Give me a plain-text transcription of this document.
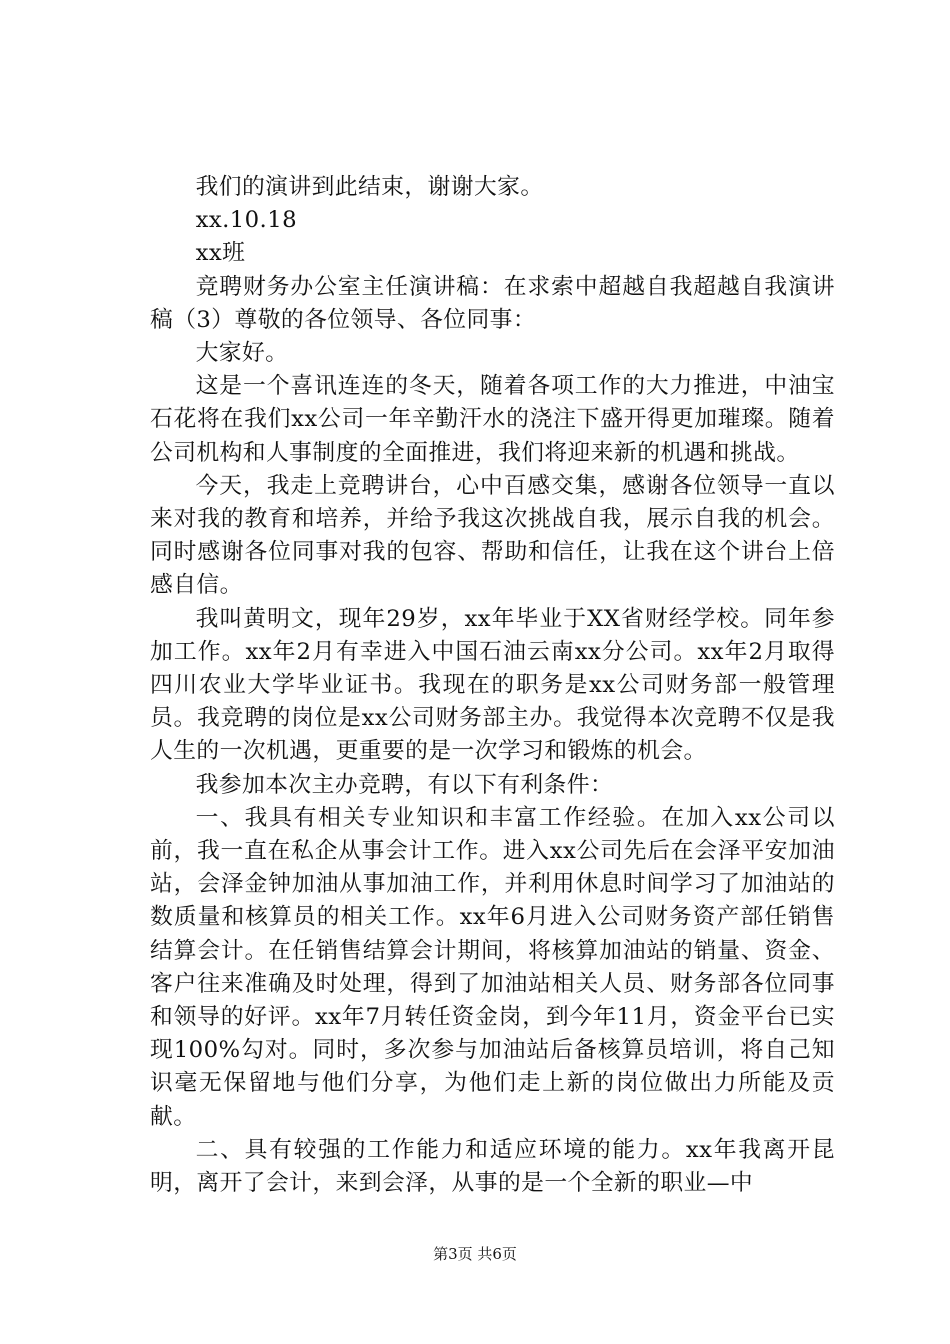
我们的演讲到此结束，谢谢大家。

xx.10.18

xx班

竞聘财务办公室主任演讲稿：在求索中超越自我超越自我演讲稿（3）尊敬的各位领导、各位同事：

大家好。

这是一个喜讯连连的冬天，随着各项工作的大力推进，中油宝石花将在我们xx公司一年辛勤汗水的浇注下盛开得更加璀璨。随着公司机构和人事制度的全面推进，我们将迎来新的机遇和挑战。

今天，我走上竞聘讲台，心中百感交集，感谢各位领导一直以来对我的教育和培养，并给予我这次挑战自我，展示自我的机会。同时感谢各位同事对我的包容、帮助和信任，让我在这个讲台上倍感自信。

我叫黄明文，现年29岁，xx年毕业于XX省财经学校。同年参加工作。xx年2月有幸进入中国石油云南xx分公司。xx年2月取得四川农业大学毕业证书。我现在的职务是xx公司财务部一般管理员。我竞聘的岗位是xx公司财务部主办。我觉得本次竞聘不仅是我人生的一次机遇，更重要的是一次学习和锻炼的机会。

我参加本次主办竞聘，有以下有利条件：

一、我具有相关专业知识和丰富工作经验。在加入xx公司以前，我一直在私企从事会计工作。进入xx公司先后在会泽平安加油站，会泽金钟加油从事加油工作，并利用休息时间学习了加油站的数质量和核算员的相关工作。xx年6月进入公司财务资产部任销售结算会计。在任销售结算会计期间，将核算加油站的销量、资金、客户往来准确及时处理，得到了加油站相关人员、财务部各位同事和领导的好评。xx年7月转任资金岗，到今年11月，资金平台已实现100%勾对。同时，多次参与加油站后备核算员培训，将自己知识毫无保留地与他们分享，为他们走上新的岗位做出力所能及贡献。

二、具有较强的工作能力和适应环境的能力。xx年我离开昆明，离开了会计，来到会泽，从事的是一个全新的职业—中

第3页 共6页
